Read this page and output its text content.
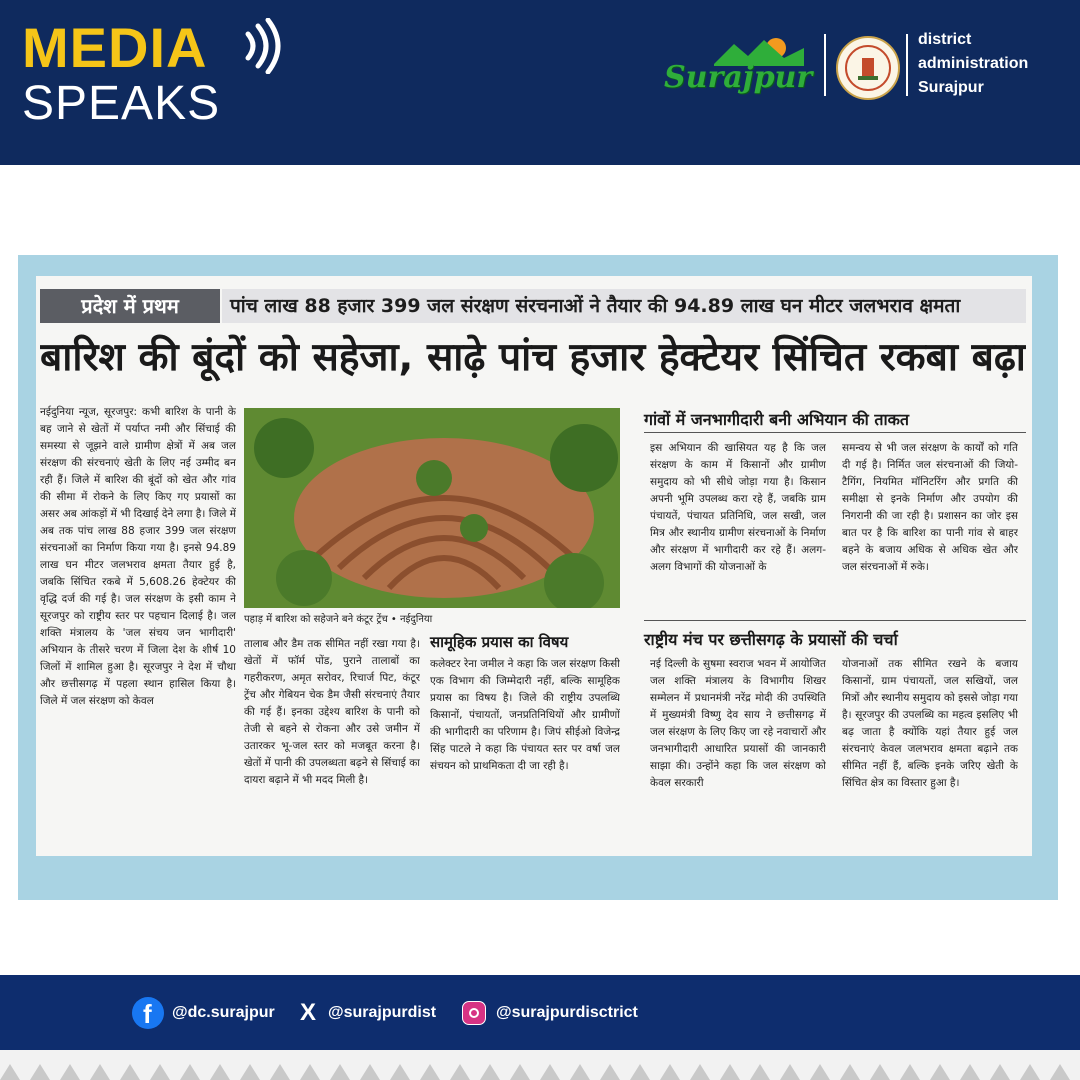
MEDIA
SPEAKS	Surajpur
district
administration
Surajpur
प्रदेश में प्रथम	पांच लाख 88 हजार 399 जल संरक्षण संरचनाओं ने तैयार की 94.89 लाख घन मीटर जलभराव क्षमता
बारिश की बूंदों को सहेजा, साढ़े पांच हजार हेक्टेयर सिंचित रकबा बढ़ा
नईदुनिया न्यूज, सूरजपुर: कभी बारिश के पानी के बह जाने से खेतों में पर्याप्त नमी और सिंचाई की समस्या से जूझने वाले ग्रामीण क्षेत्रों में अब जल संरक्षण की संरचनाएं खेती के लिए नई उम्मीद बन रही हैं। जिले में बारिश की बूंदों को खेत और गांव की सीमा में रोकने के लिए किए गए प्रयासों का असर अब आंकड़ों में भी दिखाई देने लगा है। जिले में अब तक पांच लाख 88 हजार 399 जल संरक्षण संरचनाओं का निर्माण किया गया है। इनसे 94.89 लाख घन मीटर जलभराव क्षमता तैयार हुई है, जबकि सिंचित रकबे में 5,608.26 हेक्टेयर की वृद्धि दर्ज की गई है। जल संरक्षण के इसी काम ने सूरजपुर को राष्ट्रीय स्तर पर पहचान दिलाई है। जल शक्ति मंत्रालय के 'जल संचय जन भागीदारी' अभियान के तीसरे चरण में जिला देश के शीर्ष 10 जिलों में शामिल हुआ है। सूरजपुर ने देश में चौथा और छत्तीसगढ़ में पहला स्थान हासिल किया है। जिले में जल संरक्षण को केवल
पहाड़ में बारिश को सहेजने बने कंटूर ट्रेंच • नईदुनिया
तालाब और डैम तक सीमित नहीं रखा गया है। खेतों में फॉर्म पोंड, पुराने तालाबों का गहरीकरण, अमृत सरोवर, रिचार्ज पिट, कंटूर ट्रेंच और गेबियन चेक डैम जैसी संरचनाएं तैयार की गई हैं। इनका उद्देश्य बारिश के पानी को तेजी से बहने से रोकना और उसे जमीन में उतारकर भू-जल स्तर को मजबूत करना है। खेतों में पानी की उपलब्धता बढ़ने से सिंचाई का दायरा बढ़ाने में भी मदद मिली है।
सामूहिक प्रयास का विषय
कलेक्टर रेना जमील ने कहा कि जल संरक्षण किसी एक विभाग की जिम्मेदारी नहीं, बल्कि सामूहिक प्रयास का विषय है। जिले की राष्ट्रीय उपलब्धि किसानों, पंचायतों, जनप्रतिनिधियों और ग्रामीणों की भागीदारी का परिणाम है। जिपं सीईओ विजेन्द्र सिंह पाटले ने कहा कि पंचायत स्तर पर वर्षा जल संचयन को प्राथमिकता दी जा रही है।
गांवों में जनभागीदारी बनी अभियान की ताकत
इस अभियान की खासियत यह है कि जल संरक्षण के काम में किसानों और ग्रामीण समुदाय को भी सीधे जोड़ा गया है। किसान अपनी भूमि उपलब्ध करा रहे हैं, जबकि ग्राम पंचायतें, पंचायत प्रतिनिधि, जल सखी, जल मित्र और स्थानीय ग्रामीण संरचनाओं के निर्माण और संरक्षण में भागीदारी कर रहे हैं। अलग-अलग विभागों की योजनाओं के
समन्वय से भी जल संरक्षण के कार्यों को गति दी गई है। निर्मित जल संरचनाओं की जियो-टैगिंग, नियमित मॉनिटरिंग और प्रगति की समीक्षा से इनके निर्माण और उपयोग की निगरानी की जा रही है। प्रशासन का जोर इस बात पर है कि बारिश का पानी गांव से बाहर बहने के बजाय अधिक से अधिक खेत और जल संरचनाओं में रुके।
राष्ट्रीय मंच पर छत्तीसगढ़ के प्रयासों की चर्चा
नई दिल्ली के सुषमा स्वराज भवन में आयोजित जल शक्ति मंत्रालय के विभागीय शिखर सम्मेलन में प्रधानमंत्री नरेंद्र मोदी की उपस्थिति में मुख्यमंत्री विष्णु देव साय ने छत्तीसगढ़ में जल संरक्षण के लिए किए जा रहे नवाचारों और जनभागीदारी आधारित प्रयासों की जानकारी साझा की। उन्होंने कहा कि जल संरक्षण को केवल सरकारी
योजनाओं तक सीमित रखने के बजाय किसानों, ग्राम पंचायतों, जल सखियों, जल मित्रों और स्थानीय समुदाय को इससे जोड़ा गया है। सूरजपुर की उपलब्धि का महत्व इसलिए भी बढ़ जाता है क्योंकि यहां तैयार हुई जल संरचनाएं केवल जलभराव क्षमता बढ़ाने तक सीमित नहीं हैं, बल्कि इनके जरिए खेती के सिंचित क्षेत्र का विस्तार हुआ है।
f @dc.surajpur X @surajpurdist	@surajpurdisctrict
